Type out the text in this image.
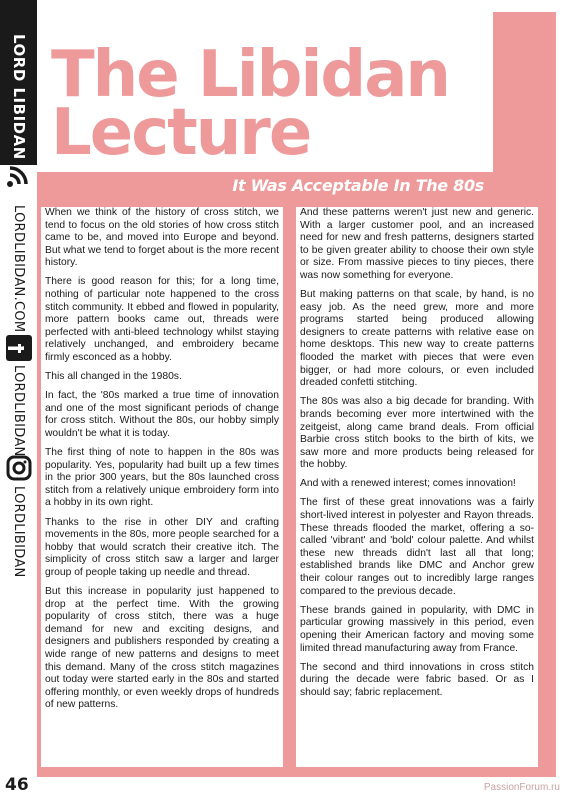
LORD LIBIDAN
LORDLIBIDAN.COM
LORDLIBIDAN
LORDLIBIDAN
The Libidan Lecture
It Was Acceptable In The 80s

When we think of the history of cross stitch, we tend to focus on the old stories of how cross stitch came to be, and moved into Europe and beyond. But what we tend to forget about is the more recent history.

There is good reason for this; for a long time, nothing of particular note happened to the cross stitch community. It ebbed and flowed in popularity, more pattern books came out, threads were perfected with anti-bleed technology whilst staying relatively unchanged, and embroidery became firmly esconced as a hobby.

This all changed in the 1980s.

In fact, the '80s marked a true time of innovation and one of the most significant periods of change for cross stitch. Without the 80s, our hobby simply wouldn't be what it is today.

The first thing of note to happen in the 80s was popularity. Yes, popularity had built up a few times in the prior 300 years, but the 80s launched cross stitch from a relatively unique embroidery form into a hobby in its own right.

Thanks to the rise in other DIY and crafting movements in the 80s, more people searched for a hobby that would scratch their creative itch. The simplicity of cross stitch saw a larger and larger group of people taking up needle and thread.

But this increase in popularity just happened to drop at the perfect time. With the growing popularity of cross stitch, there was a huge demand for new and exciting designs, and designers and publishers responded by creating a wide range of new patterns and designs to meet this demand. Many of the cross stitch magazines out today were started early in the 80s and started offering monthly, or even weekly drops of hundreds of new patterns.

And these patterns weren't just new and generic. With a larger customer pool, and an increased need for new and fresh patterns, designers started to be given greater ability to choose their own style or size. From massive pieces to tiny pieces, there was now something for everyone.

But making patterns on that scale, by hand, is no easy job. As the need grew, more and more programs started being produced allowing designers to create patterns with relative ease on home desktops. This new way to create patterns flooded the market with pieces that were even bigger, or had more colours, or even included dreaded confetti stitching.

The 80s was also a big decade for branding. With brands becoming ever more intertwined with the zeitgeist, along came brand deals. From official Barbie cross stitch books to the birth of kits, we saw more and more products being released for the hobby.

And with a renewed interest; comes innovation!

The first of these great innovations was a fairly short-lived interest in polyester and Rayon threads. These threads flooded the market, offering a so-called 'vibrant' and 'bold' colour palette. And whilst these new threads didn't last all that long; established brands like DMC and Anchor grew their colour ranges out to incredibly large ranges compared to the previous decade.

These brands gained in popularity, with DMC in particular growing massively in this period, even opening their American factory and moving some limited thread manufacturing away from France.

The second and third innovations in cross stitch during the decade were fabric based. Or as I should say; fabric replacement.

46	PassionForum.ru
